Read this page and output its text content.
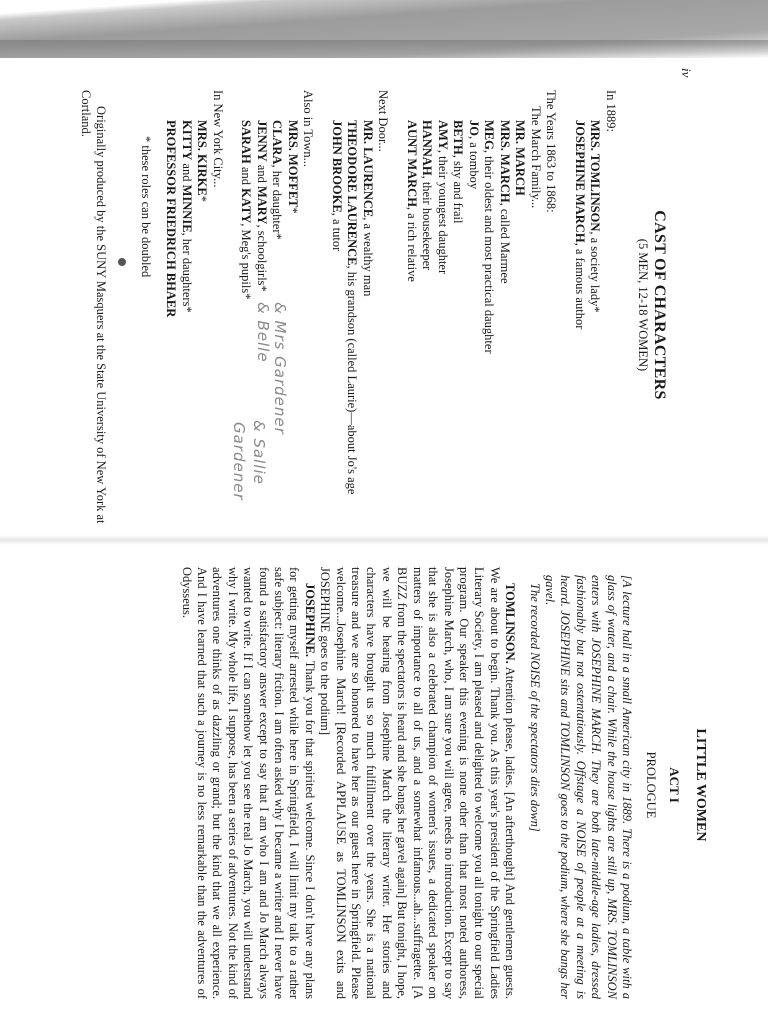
iv
CAST OF CHARACTERS
(5 MEN, 12-18 WOMEN)
In 1889:
MRS. TOMLINSON, a society lady*
JOSEPHINE MARCH, a famous author
The Years 1863 to 1868:
The March Family...
MR. MARCH
MRS. MARCH, called Marmee
MEG, their oldest and most practical daughter
JO, a tomboy
BETH, shy and frail
AMY, their youngest daughter
HANNAH, their housekeeper
AUNT MARCH, a rich relative
Next Door...
MR. LAURENCE, a wealthy man
THEODORE LAURENCE, his grandson (called Laurie)—about Jo's age
JOHN BROOKE, a tutor
Also in Town...
MRS. MOFFET*
CLARA, her daughter*
JENNY and MARY, schoolgirls*
SARAH and KATY, Meg's pupils*
In New York City...
MRS. KIRKE*
KITTY and MINNIE, her daughters*
PROFESSOR FRIEDRICH BHAER
* these roles can be doubled
Originally produced by the SUNY Masquers at the State University of New York at Cortland.
& Mrs Gardener
& Belle
& Sallie
Gardener
LITTLE WOMEN
ACT I
PROLOGUE

[A lecture hall in a small American city in 1889. There is a podium, a table with a glass of water, and a chair. While the house lights are still up, MRS. TOMLINSON enters with JOSEPHINE MARCH. They are both late-middle-age ladies, dressed fashionably but not ostentatiously. Offstage a NOISE of people at a meeting is heard. JOSEPHINE sits and TOMLINSON goes to the podium, where she bangs her gavel.

The recorded NOISE of the spectators dies down]

TOMLINSON. Attention please, ladies. [An afterthought] And gentlemen guests. We are about to begin. Thank you. As this year's president of the Springfield Ladies Literary Society, I am pleased and delighted to welcome you all tonight to our special program. Our speaker this evening is none other than that most noted authoress, Josephine March, who, I am sure you will agree, needs no introduction. Except to say that she is also a celebrated champion of women's issues, a dedicated speaker on matters of importance to all of us, and a somewhat infamous...ah...suffragette. [A BUZZ from the spectators is heard and she bangs her gavel again] But tonight, I hope, we will be hearing from Josephine March the literary writer. Her stories and characters have brought us so much fulfillment over the years. She is a national treasure and we are so honored to have her as our guest here in Springfield. Please welcome...Josephine March! [Recorded APPLAUSE as TOMLINSON exits and JOSEPHINE goes to the podium]

JOSEPHINE. Thank you for that spirited welcome. Since I don't have any plans for getting myself arrested while here in Springfield, I will limit my talk to a rather safe subject: literary fiction. I am often asked why I became a writer and I never have found a satisfactory answer except to say that I am who I am and Jo March always wanted to write. If I can somehow let you see the real Jo March, you will understand why I write. My whole life, I suppose, has been a series of adventures. Not the kind of adventures one thinks of as dazzling or grand; but the kind that we all experience. And I have learned that such a journey is no less remarkable than the adventures of Odysseus.
